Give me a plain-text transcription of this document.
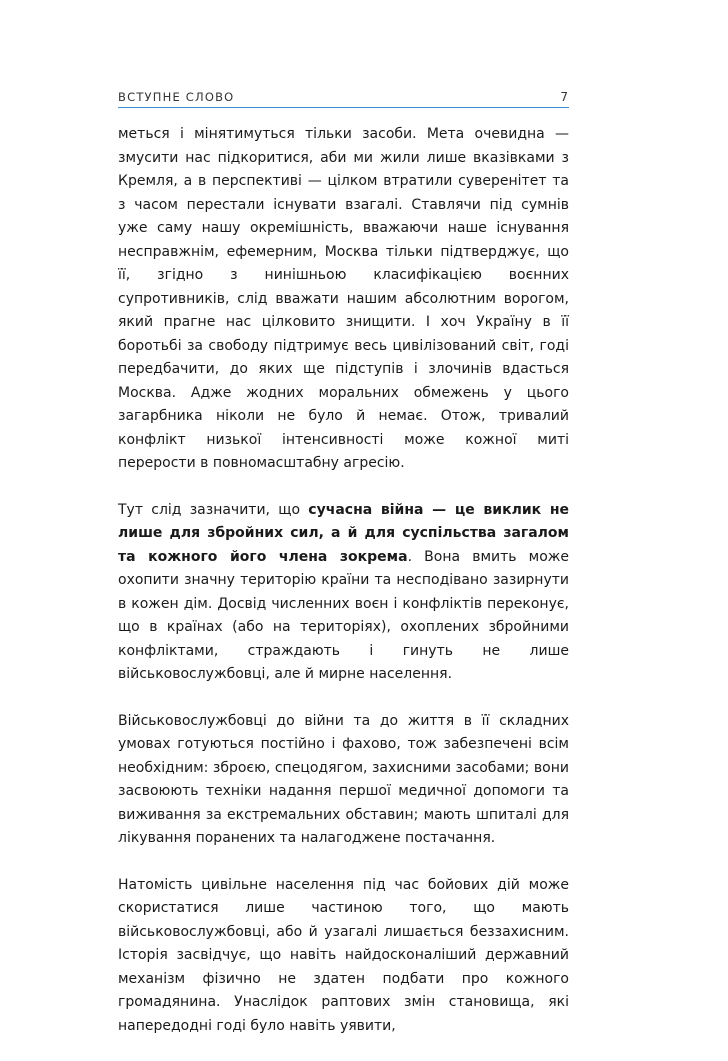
ВСТУПНЕ СЛОВО	7

меться і мінятимуться тільки засоби. Мета очевидна — змусити нас підкоритися, аби ми жили лише вказівками з Кремля, а в перспективі — цілком втратили суверенітет та з часом перестали існувати взагалі. Ставлячи під сумнів уже саму нашу окремішність, вважаючи наше існування несправжнім, ефемерним, Москва тільки підтверджує, що її, згідно з нинішньою класифікацією воєнних супротивників, слід вважати нашим абсолютним ворогом, який прагне нас цілковито знищити. І хоч Україну в її боротьбі за свободу підтримує весь цивілізований світ, годі передбачити, до яких ще підступів і злочинів вдасться Москва. Адже жодних моральних обмежень у цього загарбника ніколи не було й немає. Отож, тривалий конфлікт низької інтенсивності може кожної миті перерости в повномасштабну агресію.

Тут слід зазначити, що сучасна війна — це виклик не лише для збройних сил, а й для суспільства загалом та кожного його члена зокрема. Вона вмить може охопити значну територію країни та несподівано зазирнути в кожен дім. Досвід численних воєн і конфліктів переконує, що в країнах (або на територіях), охоплених збройними конфліктами, страждають і гинуть не лише військовослужбовці, але й мирне населення.

Військовослужбовці до війни та до життя в її складних умовах готуються постійно і фахово, тож забезпечені всім необхідним: зброєю, спецодягом, захисними засобами; вони засвоюють техніки надання першої медичної допомоги та виживання за екстремальних обставин; мають шпиталі для лікування поранених та налагоджене постачання.

Натомість цивільне населення під час бойових дій може скористатися лише частиною того, що мають військовослужбовці, або й узагалі лишається беззахисним. Історія засвідчує, що навіть найдосконаліший державний механізм фізично не здатен подбати про кожного громадянина. Унаслідок раптових змін становища, які напередодні годі було навіть уявити,
